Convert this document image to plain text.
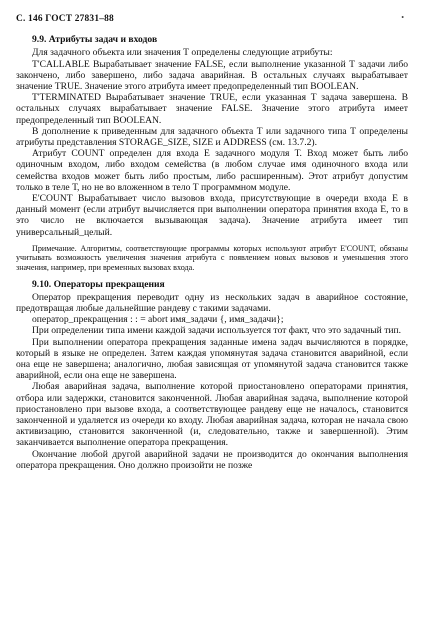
С. 146 ГОСТ 27831–88	•
9.9. Атрибуты задач и входов

Для задачного объекта или значения Т определены следующие атрибуты:

T'CALLABLE Вырабатывает значение FALSE, если выполнение указанной Т задачи либо закончено, либо завершено, либо задача аварийная. В остальных случаях вырабатывает значение TRUE. Значение этого атрибута имеет предопределенный тип BOOLEAN.

T'TERMINATED Вырабатывает значение TRUE, если указанная Т задача завершена. В остальных случаях вырабатывает значение FALSE. Значение этого атрибута имеет предопределенный тип BOOLEAN.

В дополнение к приведенным для задачного объекта Т или задачного типа Т определены атрибуты представления STORAGE_SIZE, SIZE и ADDRESS (см. 13.7.2).

Атрибут COUNT определен для входа Е задачного модуля Т. Вход может быть либо одиночным входом, либо входом семейства (в любом случае имя одиночного входа или семейства входов может быть либо простым, либо расширенным). Этот атрибут допустим только в теле Т, но не во вложенном в тело Т программном модуле.

E'COUNT Вырабатывает число вызовов входа, присутствующие в очереди входа Е в данный момент (если атрибут вычисляется при выполнении оператора принятия входа Е, то в это число не включается вызывающая задача). Значение атрибута имеет тип универсальный_целый.

Примечание. Алгоритмы, соответствующие программы которых используют атрибут E'COUNT, обязаны учитывать возможность увеличения значения атрибута с появлением новых вызовов и уменьшения этого значения, например, при временных вызовах входа.
9.10. Операторы прекращения

Оператор прекращения переводит одну из нескольких задач в аварийное состояние, предотвращая любые дальнейшие рандеву с такими задачами.

оператор_прекращения : : = abort имя_задачи {, имя_задачи};

При определении типа имени каждой задачи используется тот факт, что это задачный тип.

При выполнении оператора прекращения заданные имена задач вычисляются в порядке, который в языке не определен. Затем каждая упомянутая задача становится аварийной, если она еще не завершена; аналогично, любая зависящая от упомянутой задача становится также аварийной, если она еще не завершена.

Любая аварийная задача, выполнение которой приостановлено операторами принятия, отбора или задержки, становится законченной. Любая аварийная задача, выполнение которой приостановлено при вызове входа, а соответствующее рандеву еще не началось, становится законченной и удаляется из очереди ко входу. Любая аварийная задача, которая не начала свою активизацию, становится законченной (и, следовательно, также и завершенной). Этим заканчивается выполнение оператора прекращения.

Окончание любой другой аварийной задачи не производится до окончания выполнения оператора прекращения. Оно должно произойти не позже
